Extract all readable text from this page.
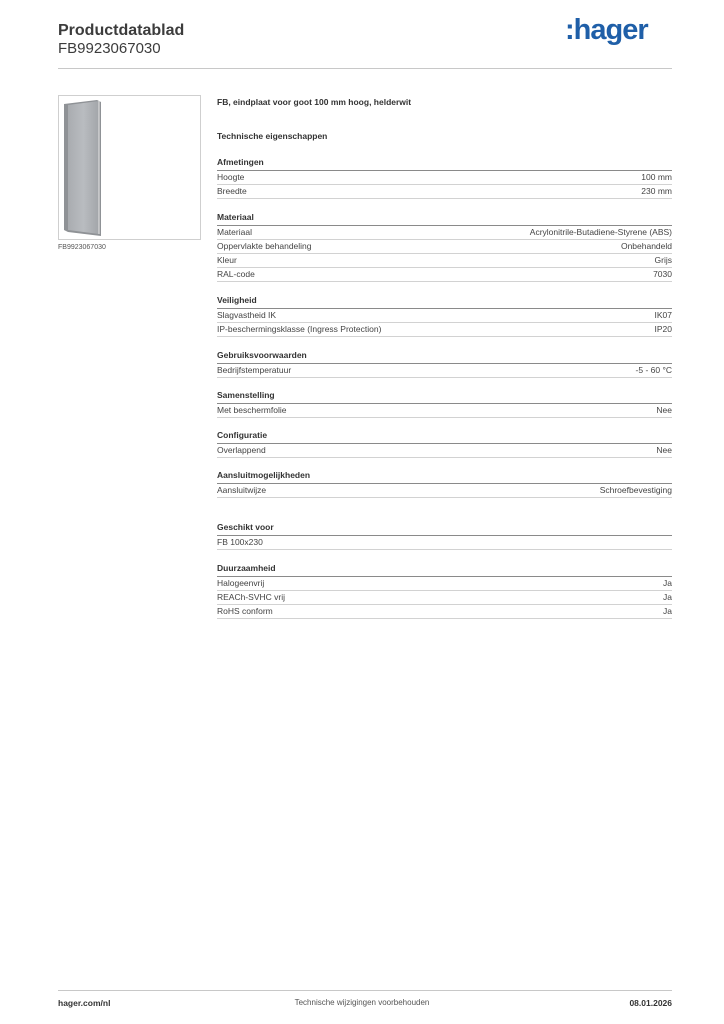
Productdatablad
FB9923067030
:hager
FB9923067030
FB, eindplaat voor goot 100 mm hoog, helderwit
Technische eigenschappen
Afmetingen
Hoogte	100 mm
Breedte	230 mm
Materiaal
Materiaal	Acrylonitrile-Butadiene-Styrene (ABS)
Oppervlakte behandeling	Onbehandeld
Kleur	Grijs
RAL-code	7030
Veiligheid
Slagvastheid IK	IK07
IP-beschermingsklasse (Ingress Protection)	IP20
Gebruiksvoorwaarden
Bedrijfstemperatuur	-5 - 60 °C
Samenstelling
Met beschermfolie	Nee
Configuratie
Overlappend	Nee
Aansluitmogelijkheden
Aansluitwijze	Schroefbevestiging
Geschikt voor
FB 100x230
Duurzaamheid
Halogeenvrij	Ja
REACh-SVHC vrij	Ja
RoHS conform	Ja
hager.com/nl	Technische wijzigingen voorbehouden	08.01.2026
